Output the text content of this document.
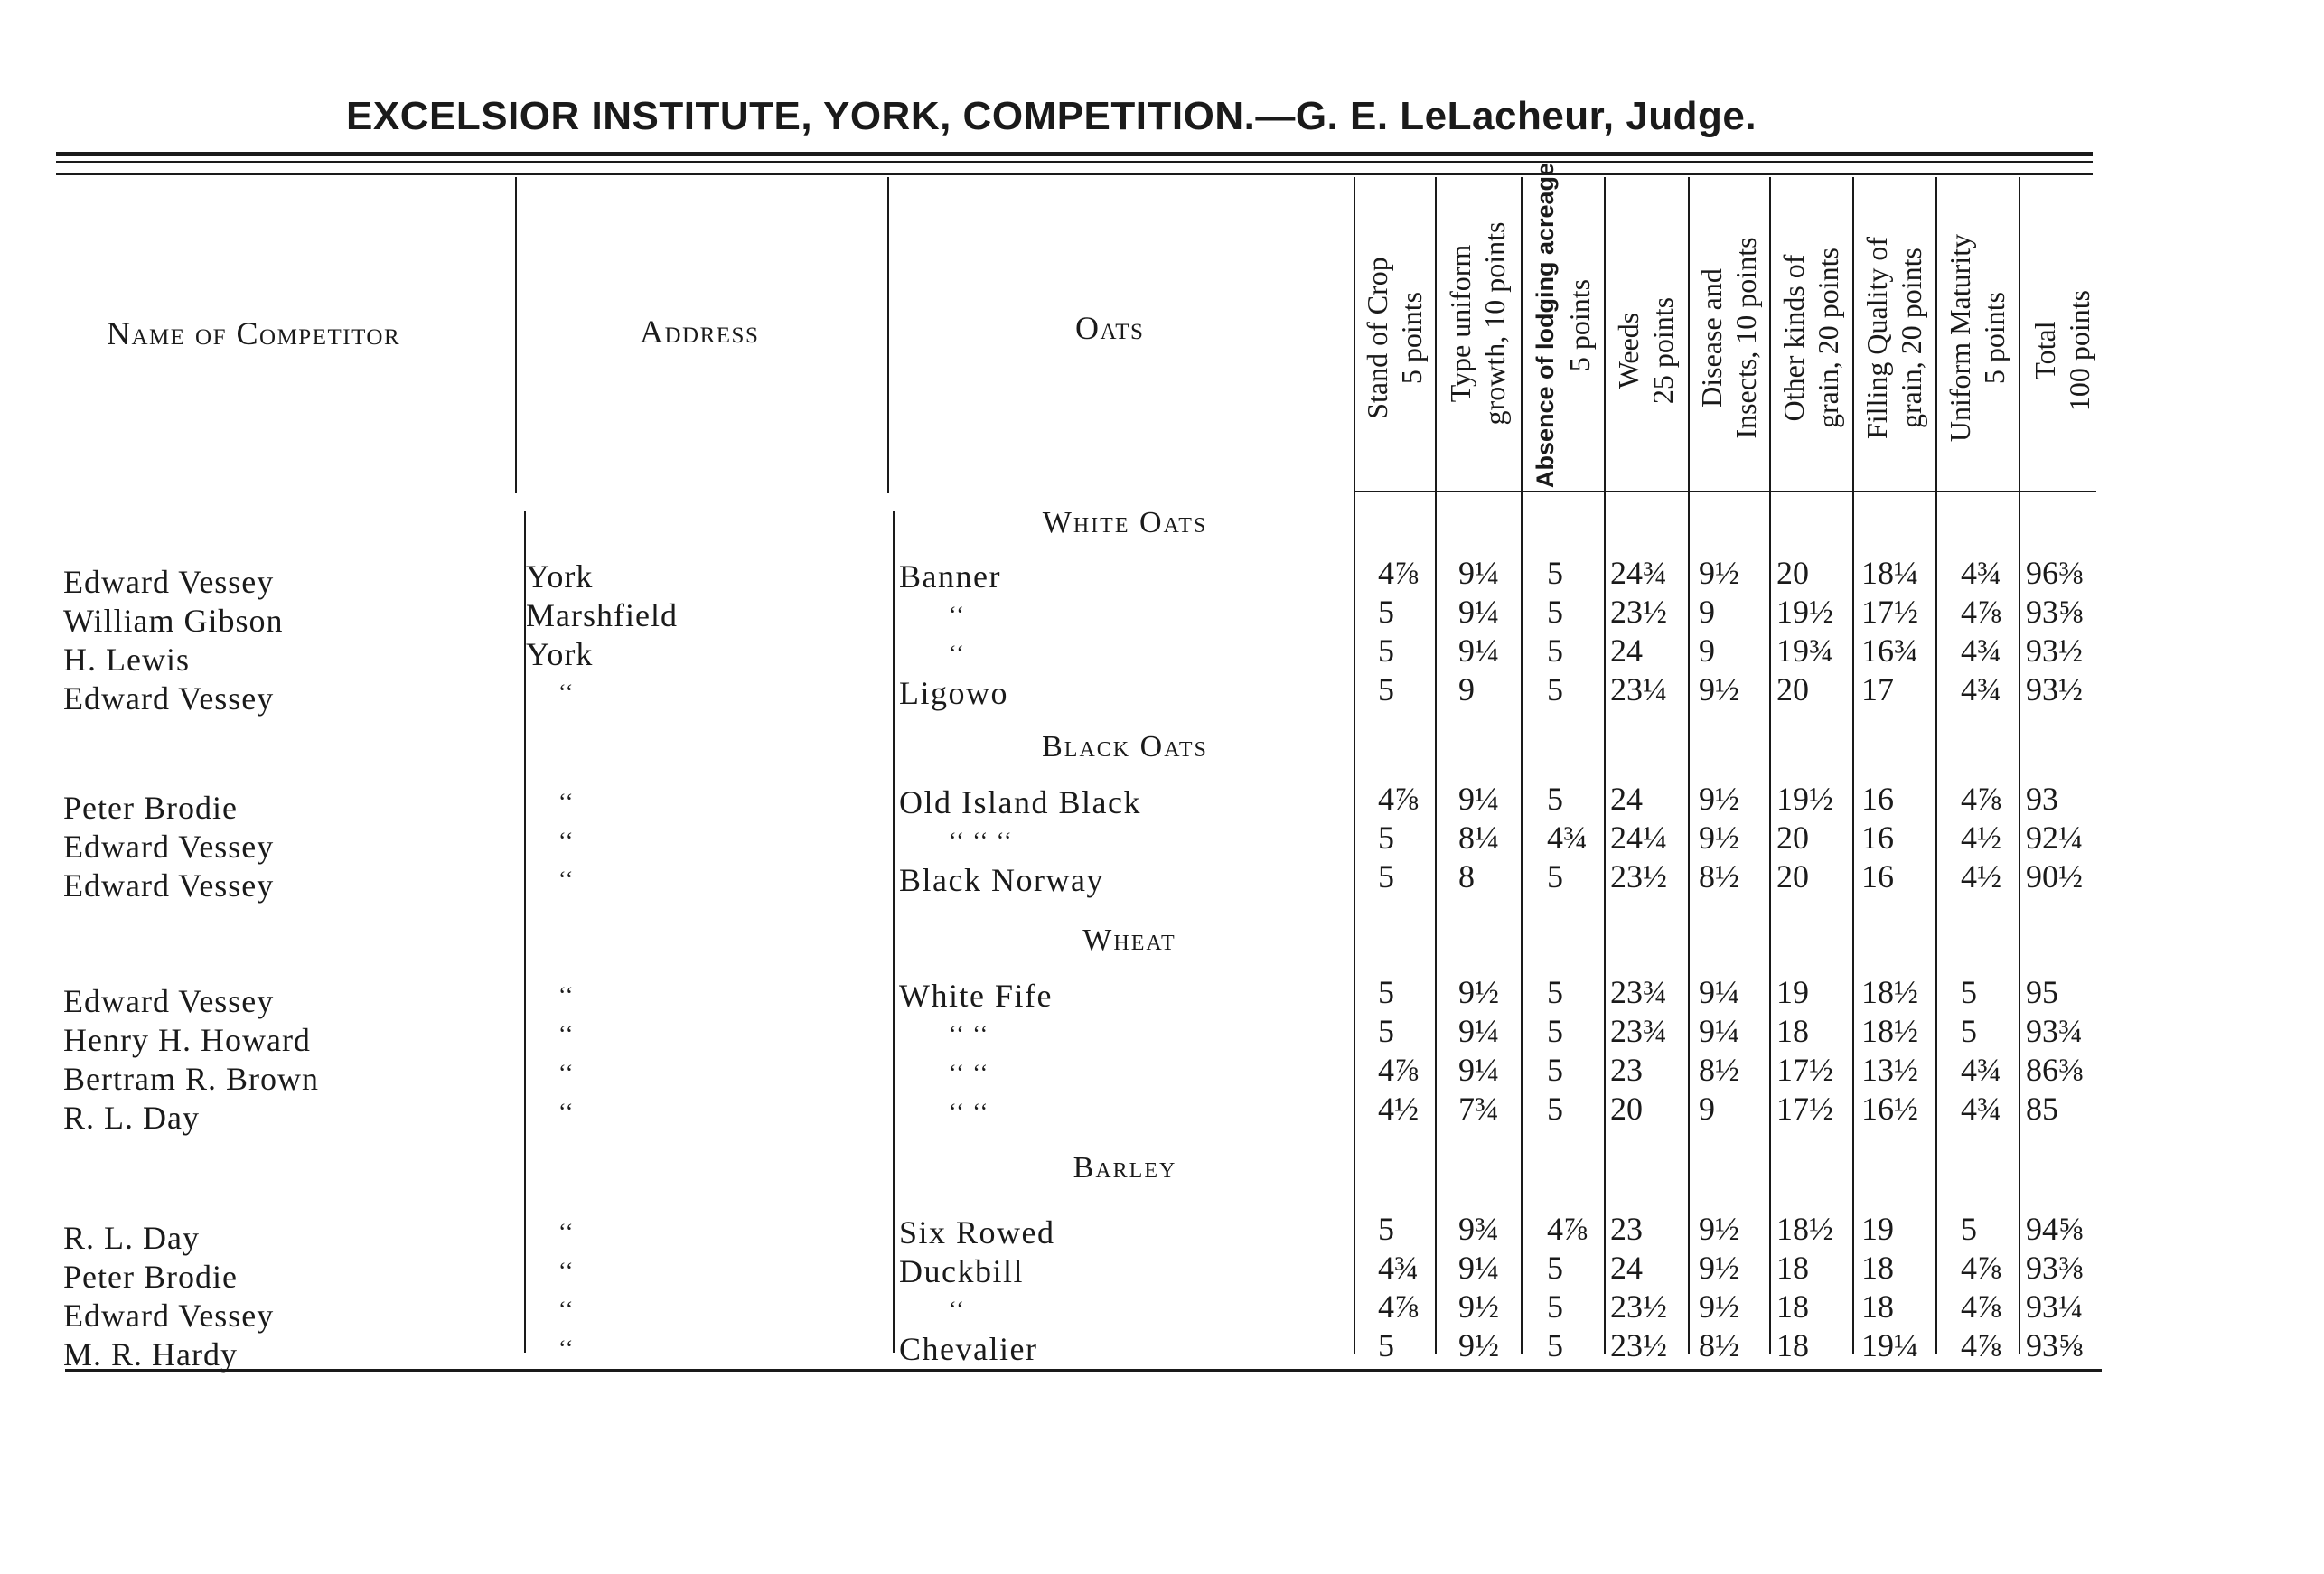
EXCELSIOR INSTITUTE, YORK, COMPETITION.—G. E. LeLacheur, Judge.
Name of Competitor	Address	Oats	Stand of Crop 5 points Type uniform growth, 10 points Absence of lodging acreage 5 points Weeds 25 points Disease and Insects, 10 points Other kinds of grain, 20 points Filling Quality of grain, 20 points Uniform Maturity 5 points Total 100 points
White Oats
Edward Vessey	York	Banner	4⅞ 9¼ 5 24¾ 9½ 20 18¼ 4¾ 96⅜
William Gibson	Marshfield	‘‘	5 9¼ 5 23½ 9 19½ 17½ 4⅞ 93⅝
H. Lewis	York	‘‘	5 9¼ 5 24 9 19¾ 16¾ 4¾ 93½
Edward Vessey	‘‘	Ligowo	5 9 5 23¼ 9½ 20 17 4¾ 93½
Black Oats
Peter Brodie	‘‘	Old Island Black	4⅞ 9¼ 5 24 9½ 19½ 16 4⅞ 93
Edward Vessey	‘‘	‘‘ ‘‘ ‘‘	5 8¼ 4¾ 24¼ 9½ 20 16 4½ 92¼
Edward Vessey	‘‘	Black Norway	5 8 5 23½ 8½ 20 16 4½ 90½
Wheat
Edward Vessey	‘‘	White Fife	5 9½ 5 23¾ 9¼ 19 18½ 5 95
Henry H. Howard	‘‘	‘‘ ‘‘	5 9¼ 5 23¾ 9¼ 18 18½ 5 93¾
Bertram R. Brown	‘‘	‘‘ ‘‘	4⅞ 9¼ 5 23 8½ 17½ 13½ 4¾ 86⅜
R. L. Day	‘‘	‘‘ ‘‘	4½ 7¾ 5 20 9 17½ 16½ 4¾ 85
Barley
R. L. Day	‘‘	Six Rowed	5 9¾ 4⅞ 23 9½ 18½ 19 5 94⅝
Peter Brodie	‘‘	Duckbill	4¾ 9¼ 5 24 9½ 18 18 4⅞ 93⅜
Edward Vessey	‘‘	‘‘	4⅞ 9½ 5 23½ 9½ 18 18 4⅞ 93¼
M. R. Hardy	‘‘	Chevalier	5 9½ 5 23½ 8½ 18 19¼ 4⅞ 93⅝
